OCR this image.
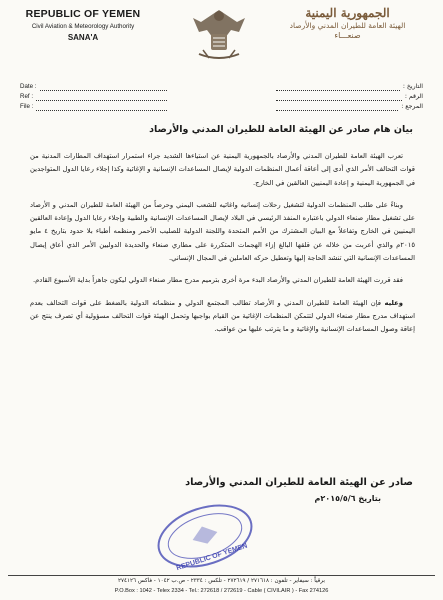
REPUBLIC OF YEMEN
Civil Aviation & Meteorology Authority
SANA'A
الجمهورية اليمنية
الهيئة العامة للطيران المدني والأرصاد
صنعـــاء
Date :
Ref :
File :
التاريخ :
الرقم :
المرجع :
بيان هام صادر عن الهيئة العامة للطيران المدني والأرصاد

تعرب الهيئة العامة للطيران المدني والأرصاد بالجمهورية اليمنية عن استياءها الشديد جراء استمرار استهداف المطارات المدنية من قوات التحالف الأمر الذي أدى إلى أعاقة أعمال المنظمات الدولية لإيصال المساعدات الإنسانية و الإغاثية وكذا إجلاء رعايا الدول المتواجدين في الجمهورية اليمنية و إعادة اليمنيين العالقين في الخارج.

وبناءً على طلب المنظمات الدولية لتشغيل رحلات إنسانيه واغاثيه للشعب اليمني وحرصاً من الهيئة العامة للطيران المدني و الأرصاد على تشغيل مطار صنعاء الدولي باعتباره المنفذ الرئيسي في البلاد لإيصال المساعدات الإنسانية والطبية وإجلاء رعايا الدول وإعادة العالقين اليمنيين في الخارج وتفاعلاً مع البيان المشترك من الأمم المتحدة واللجنة الدولية للصليب الأحمر ومنظمه أطباء بلا حدود بتاريخ ٤ مايو ٢٠١٥م والذي أعربت من خلاله عن قلقها البالغ إزاء الهجمات المتكررة على مطاري صنعاء والحديدة الدوليين الأمر الذي أعاق إيصال المساعدات الإنسانية التي تنشد الحاجة إليها وتعطيل حركه العاملين في المجال الإنساني.

فقد قررت الهيئة العامة للطيران المدني والأرصاد البدء مرة أخرى بترميم مدرج مطار صنعاء الدولي ليكون جاهزاً بداية الأسبوع القادم.

وعليه فإن الهيئة العامة للطيران المدني و الأرصاد تطالب المجتمع الدولي و منظماته الدولية بالضغط على قوات التحالف بعدم استهداف مدرج مطار صنعاء الدولي لتتمكن المنظمات الإغاثية من القيام بواجبها وتحمل الهيئة قوات التحالف مسؤولية أي تصرف ينتج عن إعاقة وصول المساعدات الإنسانية والإغاثية و ما يترتب عليها من عواقب.

صادر عن الهيئة العامة للطيران المدني والأرصاد
بتاريخ ٢٠١٥/٥/٦م
REPUBLIC OF YEMEN
برقياً : سيفاير - تلفون : ٢٧١٦١٨ / ٢٧٢٦١٩ - تلكس : ٢٣٣٤ - ص.ب ١٠٤٢ - فاكس ٢٧٤١٢٦
P.O.Box : 1042 - Telex 2334 - Tel.: 272618 / 272619 - Cable ( CIVILAIR ) - Fax 274126
